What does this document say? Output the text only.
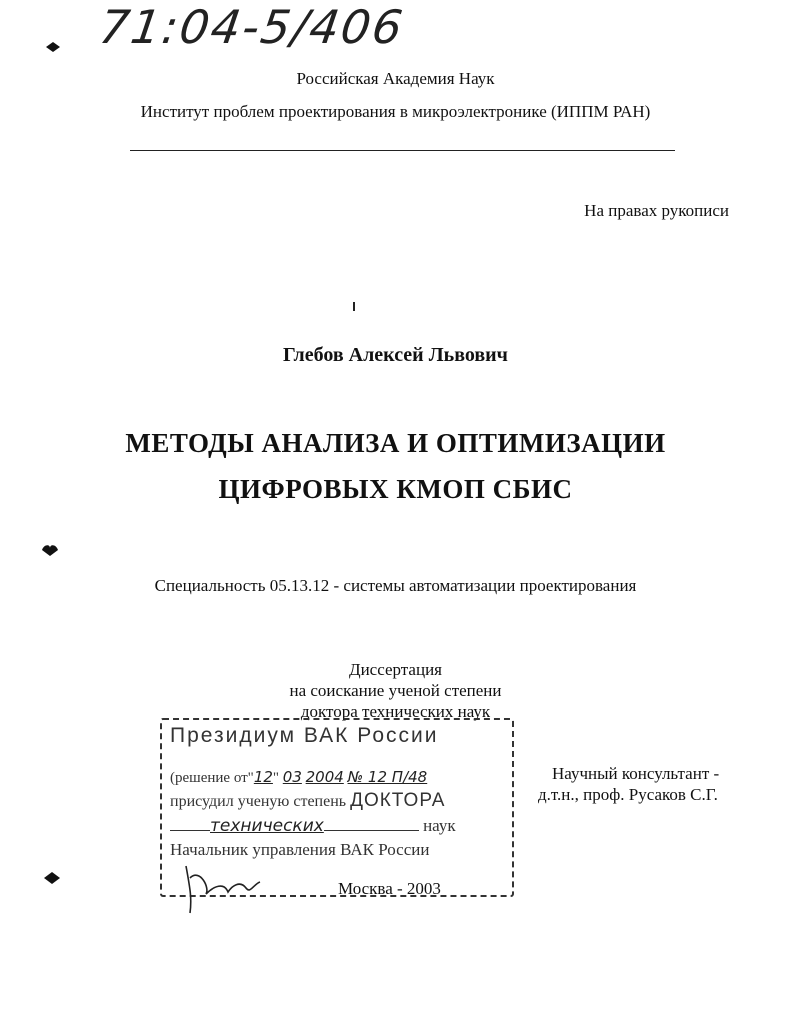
71:04-5/406
Российская Академия Наук
Институт проблем проектирования в микроэлектронике (ИППМ РАН)
На правах рукописи
Глебов Алексей Львович
МЕТОДЫ АНАЛИЗА И ОПТИМИЗАЦИИ
ЦИФРОВЫХ КМОП СБИС
Специальность 05.13.12 - системы автоматизации проектирования
Диссертация
на соискание ученой степени
доктора технических наук
Научный консультант -
д.т.н., проф. Русаков С.Г.
Президиум ВАК России
(решение от"12" 03 2004 № 12 П/48
присудил ученую степень ДОКТОРА
технических	наук
Начальник управления ВАК России
Москва - 2003
